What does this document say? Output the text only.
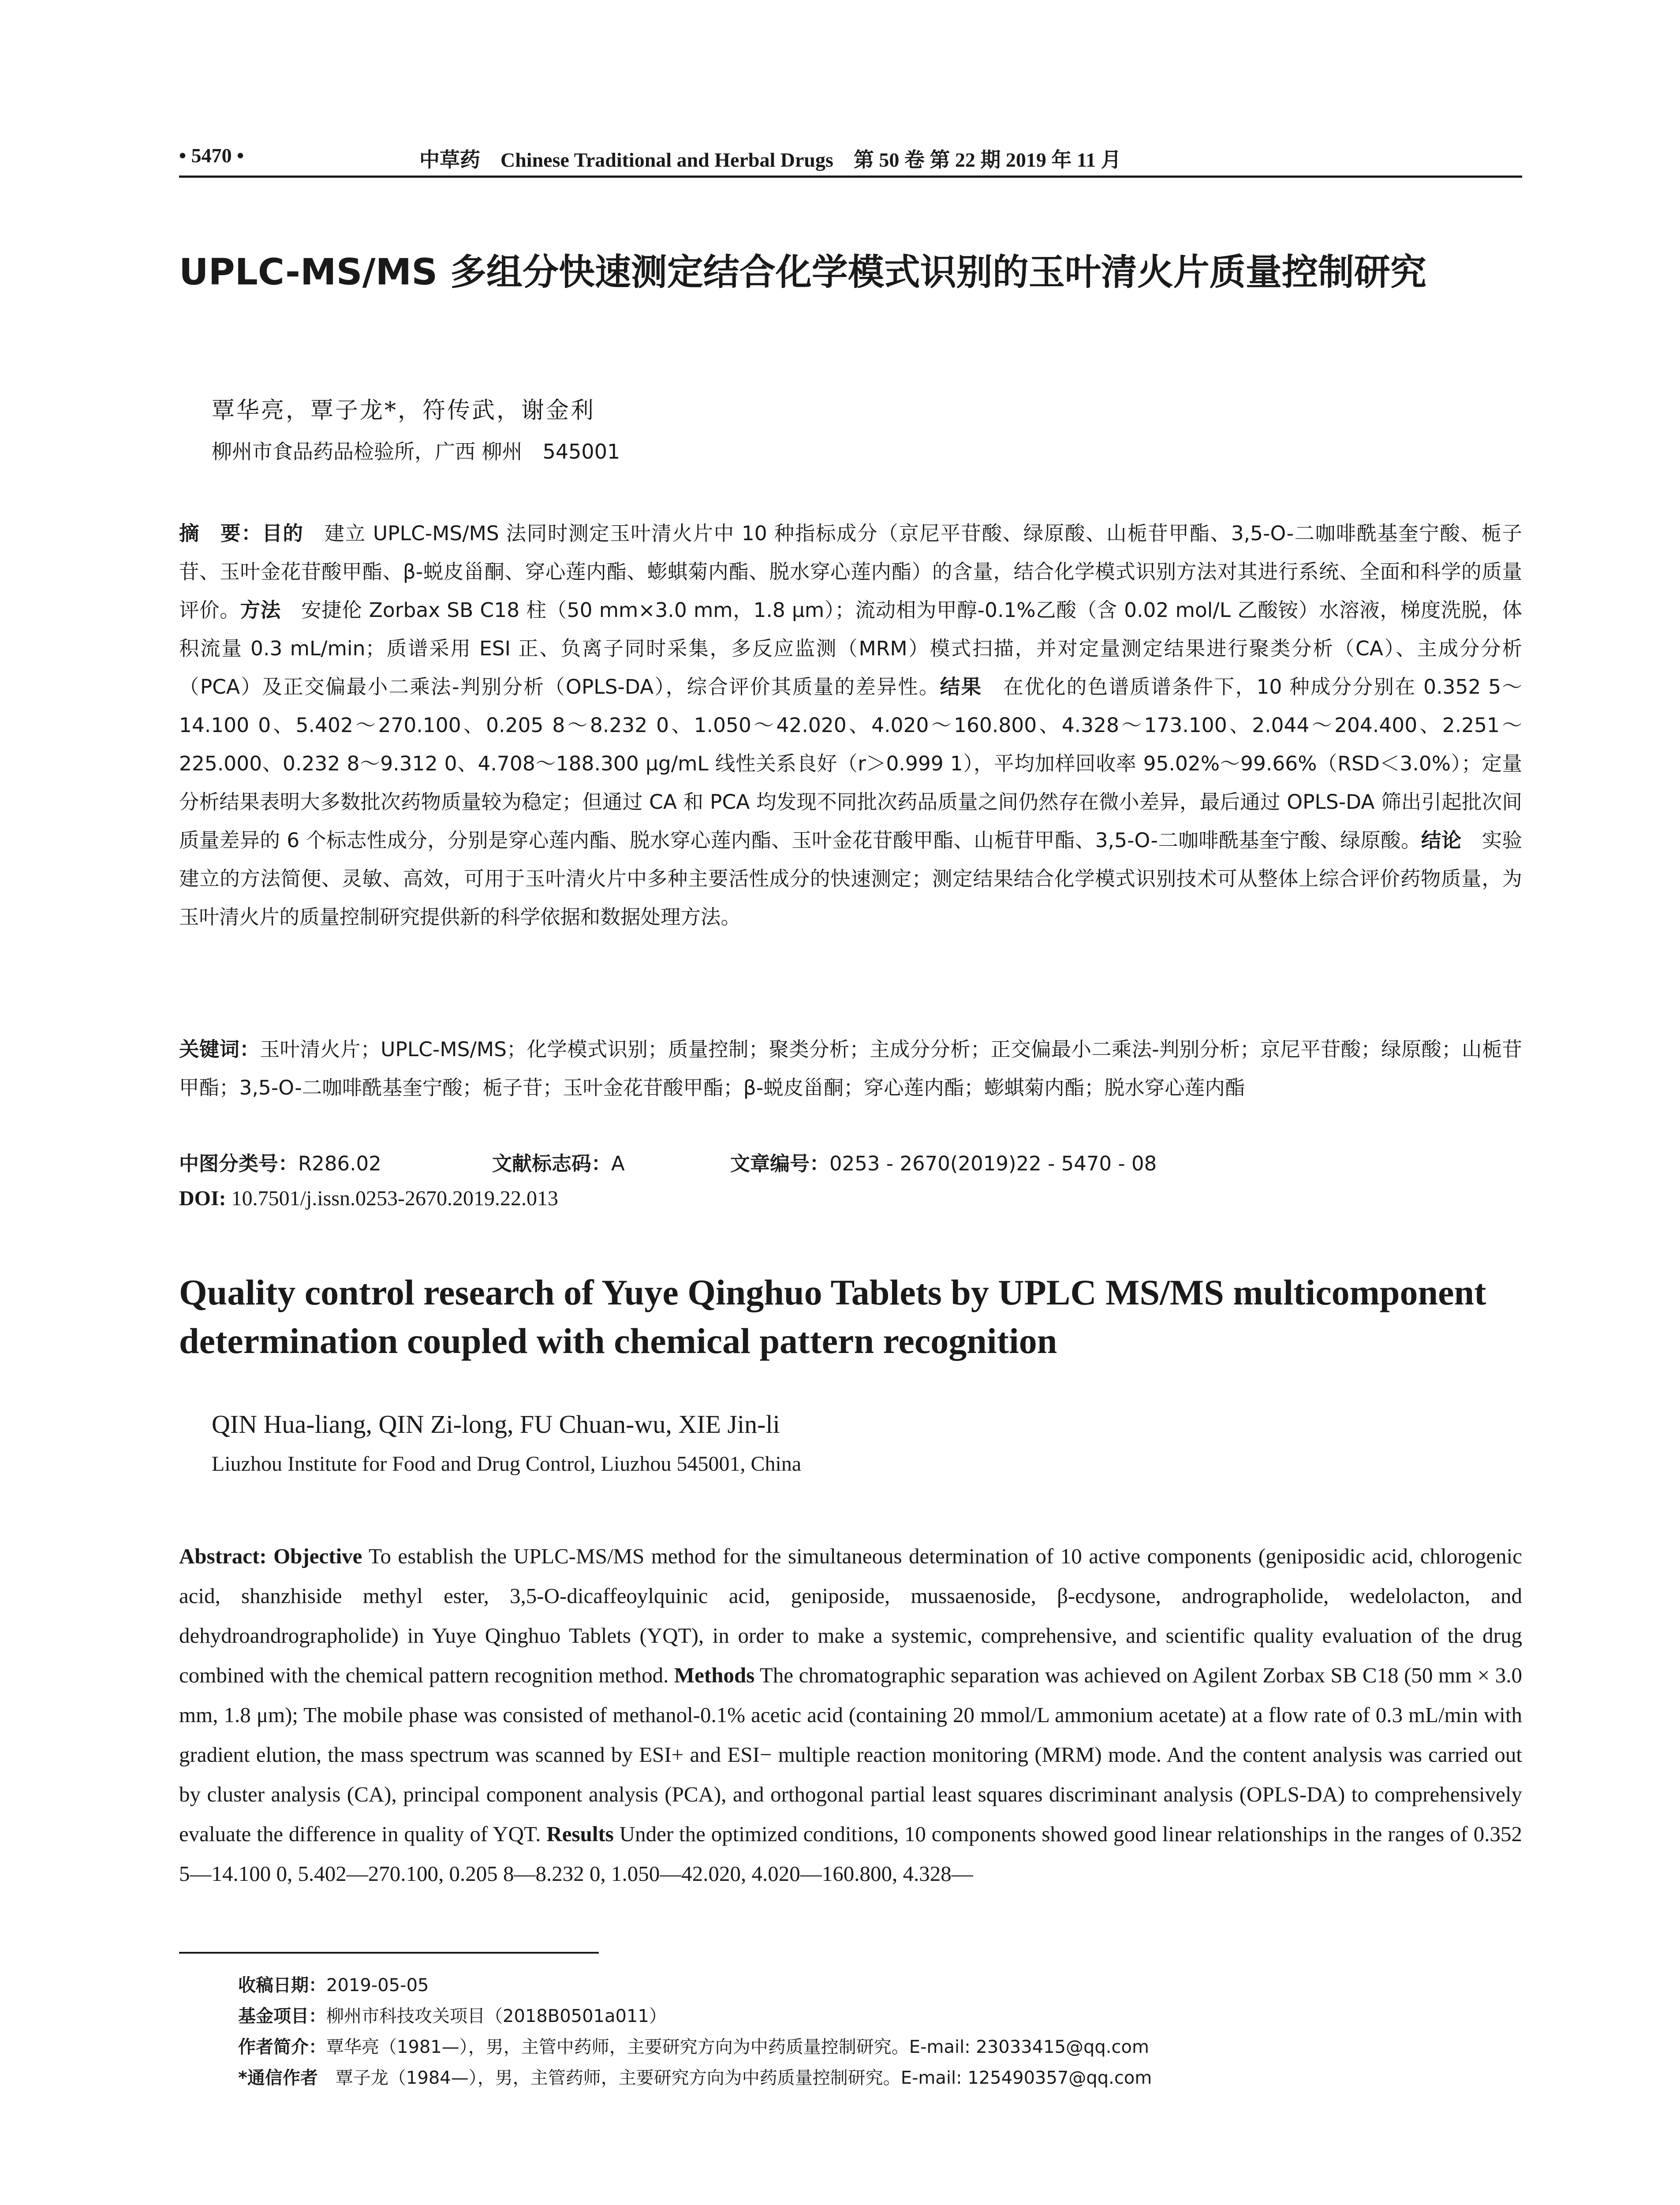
• 5470 •	中草药　Chinese Traditional and Herbal Drugs　第 50 卷 第 22 期 2019 年 11 月
UPLC-MS/MS 多组分快速测定结合化学模式识别的玉叶清火片质量控制研究
覃华亮，覃子龙*，符传武，谢金利
柳州市食品药品检验所，广西 柳州　545001
摘　要：目的　建立 UPLC-MS/MS 法同时测定玉叶清火片中 10 种指标成分（京尼平苷酸、绿原酸、山栀苷甲酯、3,5-O-二咖啡酰基奎宁酸、栀子苷、玉叶金花苷酸甲酯、β-蜕皮甾酮、穿心莲内酯、蟛蜞菊内酯、脱水穿心莲内酯）的含量，结合化学模式识别方法对其进行系统、全面和科学的质量评价。方法　安捷伦 Zorbax SB C18 柱（50 mm×3.0 mm，1.8 μm）；流动相为甲醇-0.1%乙酸（含 0.02 mol/L 乙酸铵）水溶液，梯度洗脱，体积流量 0.3 mL/min；质谱采用 ESI 正、负离子同时采集，多反应监测（MRM）模式扫描，并对定量测定结果进行聚类分析（CA）、主成分分析（PCA）及正交偏最小二乘法-判别分析（OPLS-DA），综合评价其质量的差异性。结果　在优化的色谱质谱条件下，10 种成分分别在 0.352 5～14.100 0、5.402～270.100、0.205 8～8.232 0、1.050～42.020、4.020～160.800、4.328～173.100、2.044～204.400、2.251～225.000、0.232 8～9.312 0、4.708～188.300 μg/mL 线性关系良好（r＞0.999 1），平均加样回收率 95.02%～99.66%（RSD＜3.0%）；定量分析结果表明大多数批次药物质量较为稳定；但通过 CA 和 PCA 均发现不同批次药品质量之间仍然存在微小差异，最后通过 OPLS-DA 筛出引起批次间质量差异的 6 个标志性成分，分别是穿心莲内酯、脱水穿心莲内酯、玉叶金花苷酸甲酯、山栀苷甲酯、3,5-O-二咖啡酰基奎宁酸、绿原酸。结论　实验建立的方法简便、灵敏、高效，可用于玉叶清火片中多种主要活性成分的快速测定；测定结果结合化学模式识别技术可从整体上综合评价药物质量，为玉叶清火片的质量控制研究提供新的科学依据和数据处理方法。
关键词：玉叶清火片；UPLC-MS/MS；化学模式识别；质量控制；聚类分析；主成分分析；正交偏最小二乘法-判别分析；京尼平苷酸；绿原酸；山栀苷甲酯；3,5-O-二咖啡酰基奎宁酸；栀子苷；玉叶金花苷酸甲酯；β-蜕皮甾酮；穿心莲内酯；蟛蜞菊内酯；脱水穿心莲内酯
中图分类号：R286.02	文献标志码：A	文章编号：0253 - 2670(2019)22 - 5470 - 08
DOI: 10.7501/j.issn.0253-2670.2019.22.013
Quality control research of Yuye Qinghuo Tablets by UPLC MS/MS multicomponent determination coupled with chemical pattern recognition
QIN Hua-liang, QIN Zi-long, FU Chuan-wu, XIE Jin-li
Liuzhou Institute for Food and Drug Control, Liuzhou 545001, China
Abstract: Objective To establish the UPLC-MS/MS method for the simultaneous determination of 10 active components (geniposidic acid, chlorogenic acid, shanzhiside methyl ester, 3,5-O-dicaffeoylquinic acid, geniposide, mussaenoside, β-ecdysone, andrographolide, wedelolacton, and dehydroandrographolide) in Yuye Qinghuo Tablets (YQT), in order to make a systemic, comprehensive, and scientific quality evaluation of the drug combined with the chemical pattern recognition method. Methods The chromatographic separation was achieved on Agilent Zorbax SB C18 (50 mm × 3.0 mm, 1.8 μm); The mobile phase was consisted of methanol-0.1% acetic acid (containing 20 mmol/L ammonium acetate) at a flow rate of 0.3 mL/min with gradient elution, the mass spectrum was scanned by ESI+ and ESI− multiple reaction monitoring (MRM) mode. And the content analysis was carried out by cluster analysis (CA), principal component analysis (PCA), and orthogonal partial least squares discriminant analysis (OPLS-DA) to comprehensively evaluate the difference in quality of YQT. Results Under the optimized conditions, 10 components showed good linear relationships in the ranges of 0.352 5—14.100 0, 5.402—270.100, 0.205 8—8.232 0, 1.050—42.020, 4.020—160.800, 4.328—
收稿日期：2019-05-05
基金项目：柳州市科技攻关项目（2018B0501a011）
作者简介：覃华亮（1981—），男，主管中药师，主要研究方向为中药质量控制研究。E-mail: 23033415@qq.com
*通信作者　覃子龙（1984—），男，主管药师，主要研究方向为中药质量控制研究。E-mail: 125490357@qq.com
